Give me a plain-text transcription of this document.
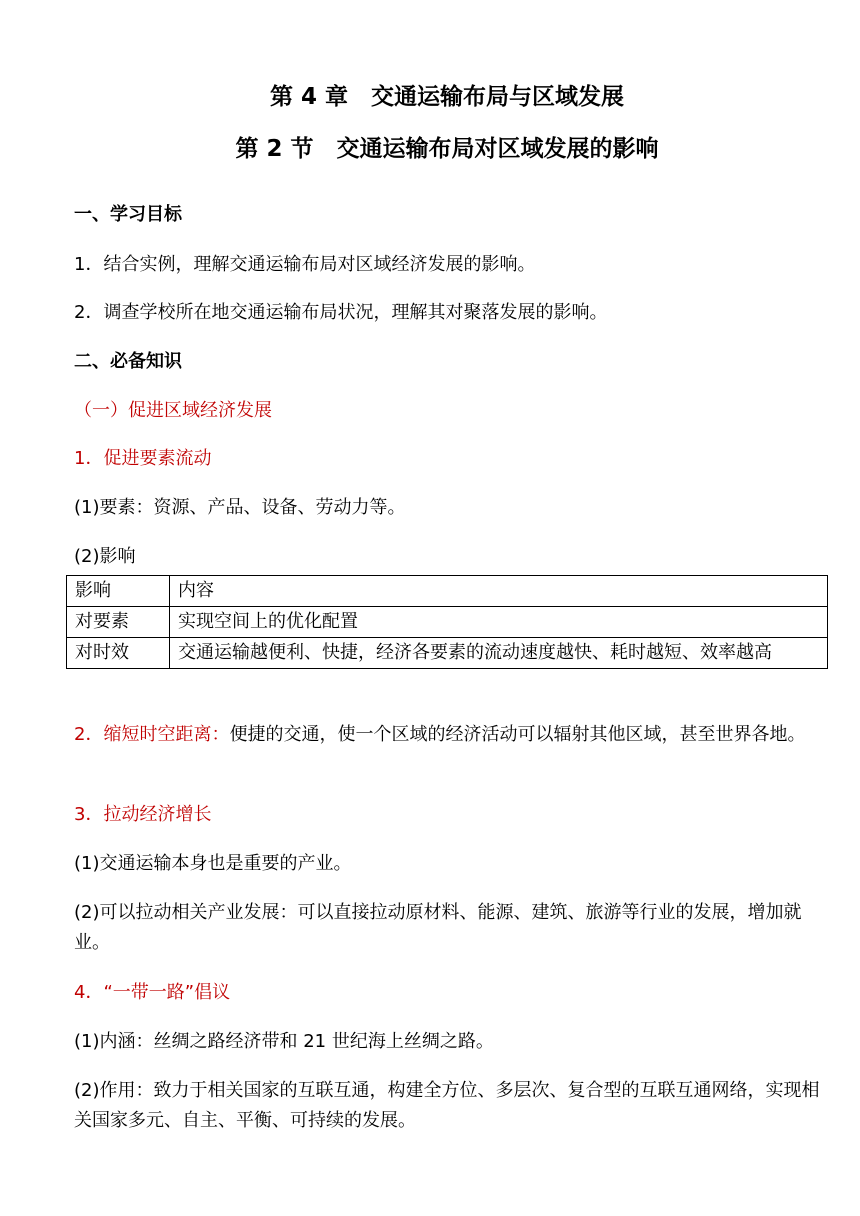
第 4 章　交通运输布局与区域发展
第 2 节　交通运输布局对区域发展的影响
一、学习目标
1．结合实例，理解交通运输布局对区域经济发展的影响。
2．调查学校所在地交通运输布局状况，理解其对聚落发展的影响。
二、必备知识
（一）促进区域经济发展
1．促进要素流动
(1)要素：资源、产品、设备、劳动力等。
(2)影响
影响	内容
对要素	实现空间上的优化配置
对时效	交通运输越便利、快捷，经济各要素的流动速度越快、耗时越短、效率越高
2．缩短时空距离：便捷的交通，使一个区域的经济活动可以辐射其他区域，甚至世界各地。
3．拉动经济增长
(1)交通运输本身也是重要的产业。
(2)可以拉动相关产业发展：可以直接拉动原材料、能源、建筑、旅游等行业的发展，增加就业。
4．“一带一路”倡议
(1)内涵：丝绸之路经济带和 21 世纪海上丝绸之路。
(2)作用：致力于相关国家的互联互通，构建全方位、多层次、复合型的互联互通网络，实现相关国家多元、自主、平衡、可持续的发展。
